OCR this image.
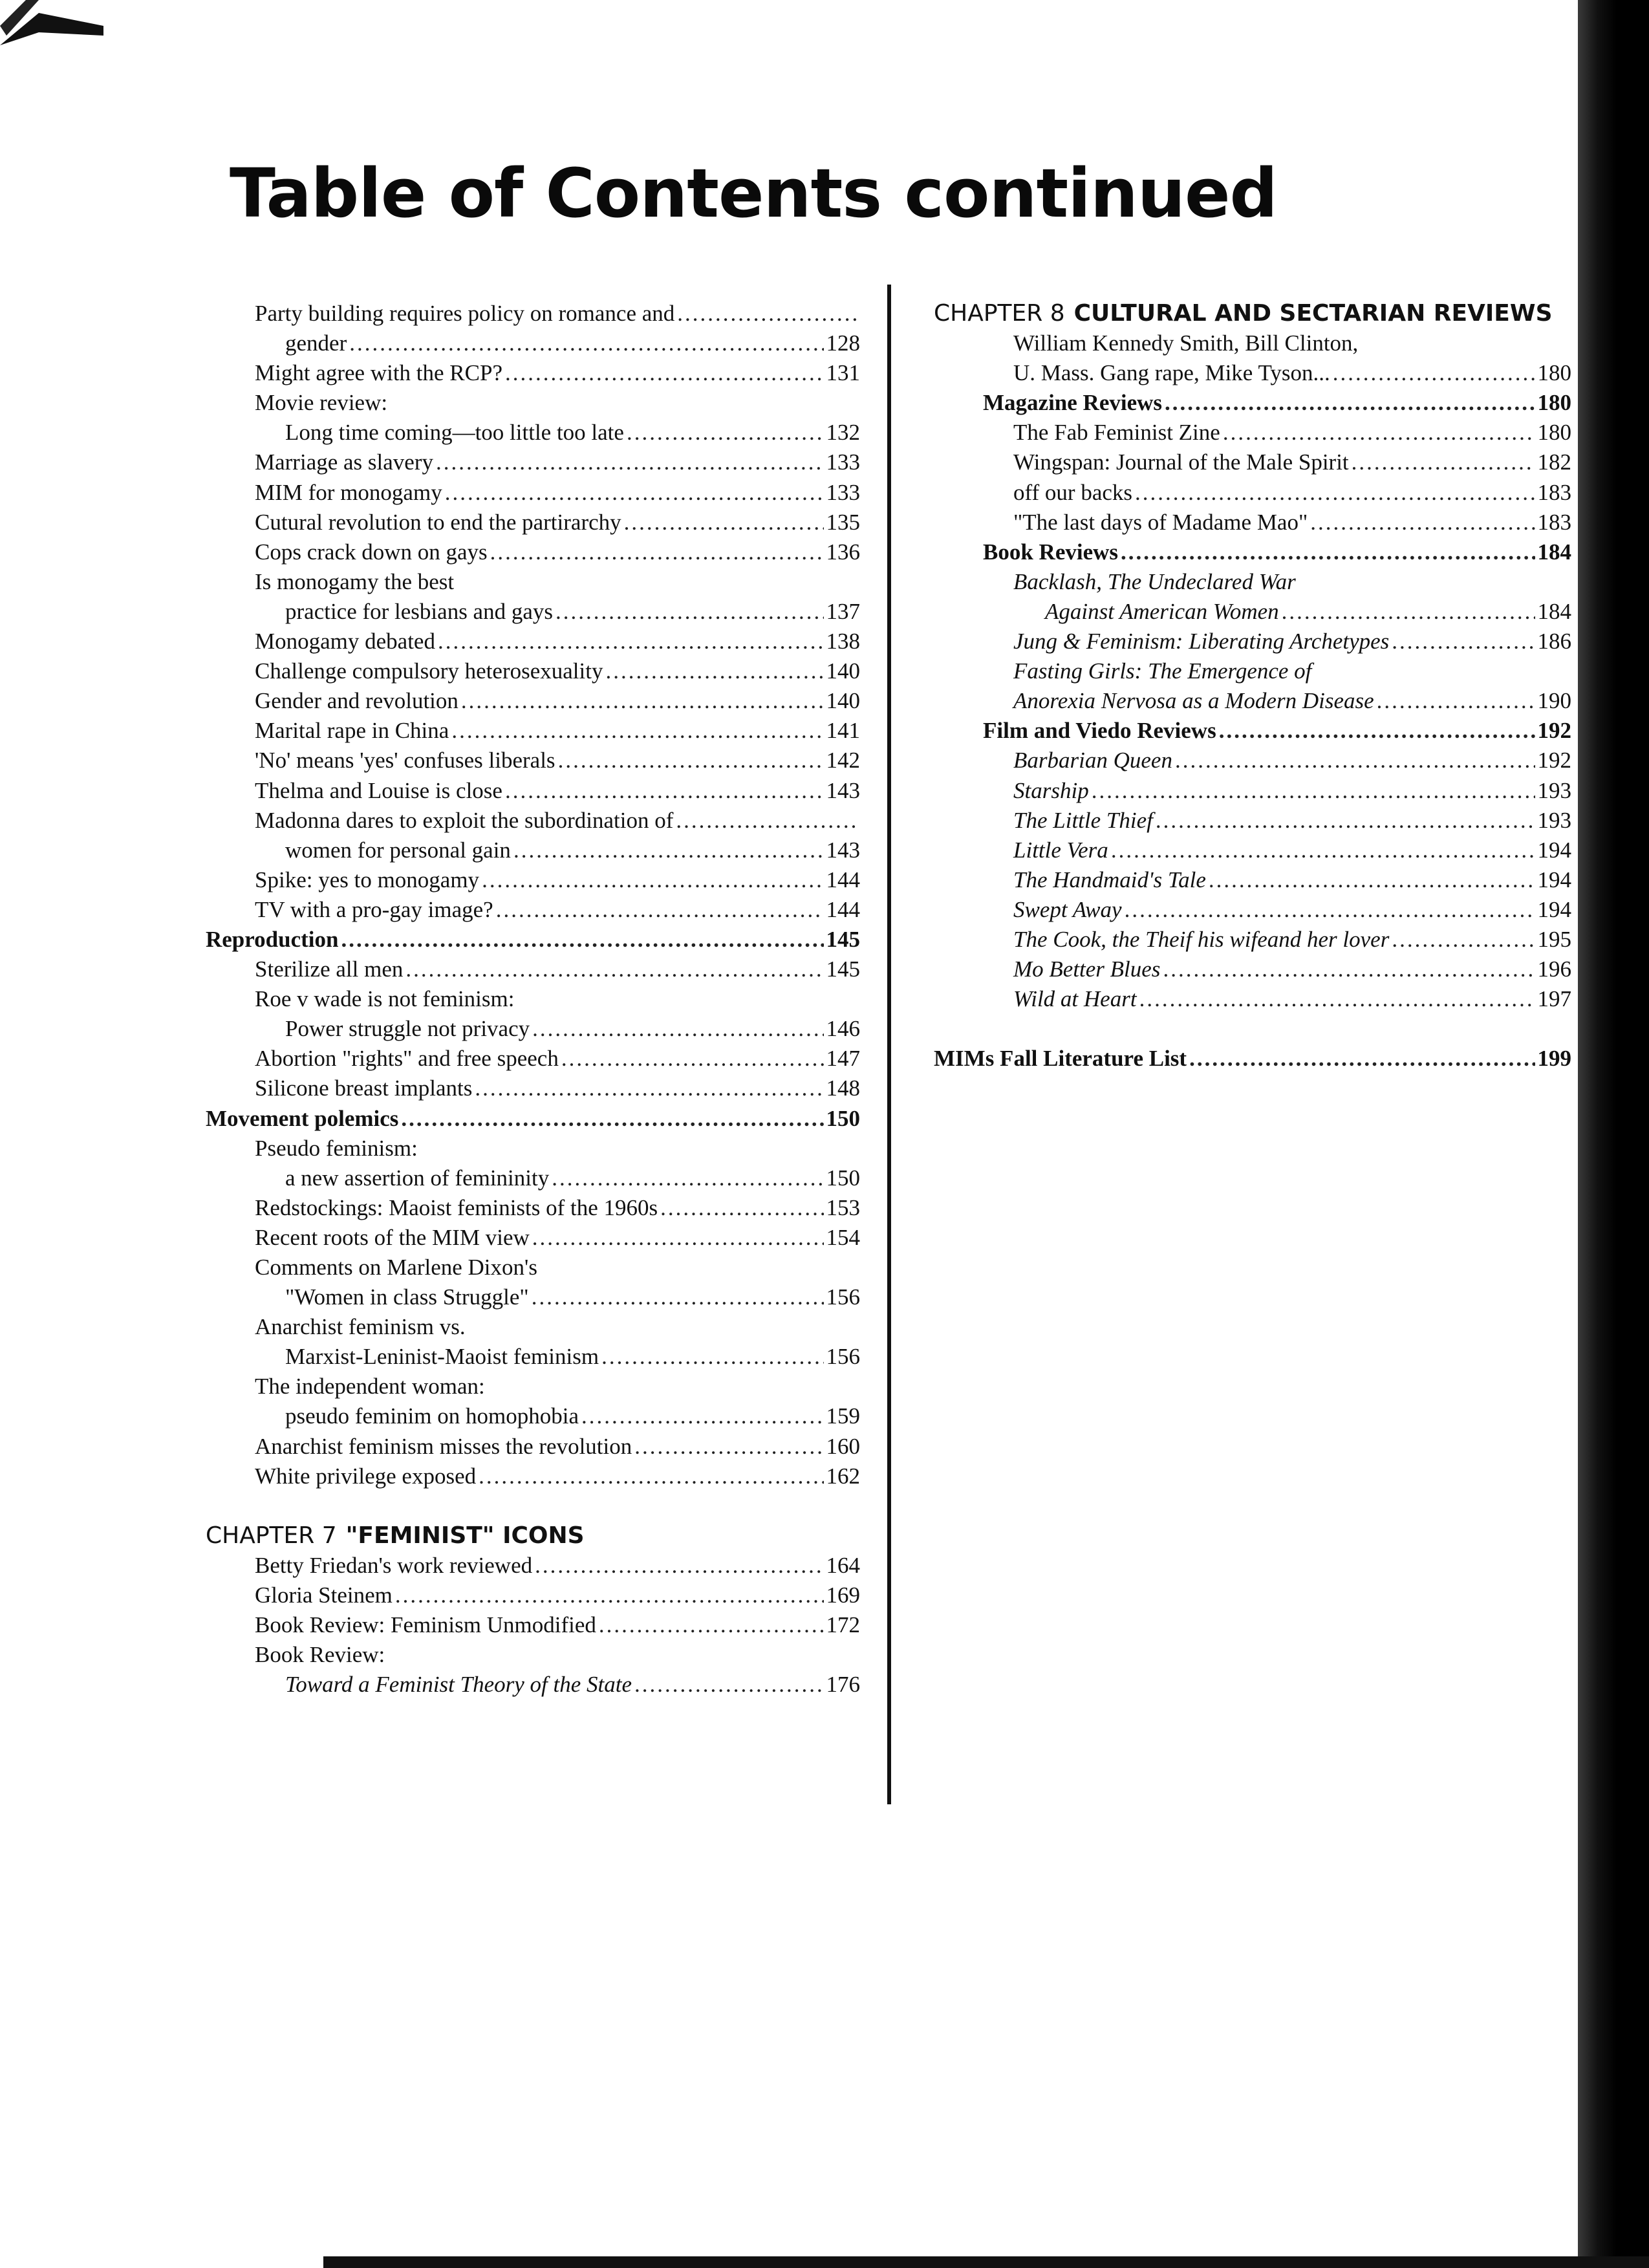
Table of Contents continued
Party building requires policy on romance and
.....
gender .....	128
Might agree with the RCP? .....	131
Movie review:
Long time coming—too little too late .....	132
Marriage as slavery .....	133
MIM for monogamy .....	133
Cutural revolution to end the partirarchy .....	135
Cops crack down on gays .....	136
Is monogamy the best
practice for lesbians and gays .....	137
Monogamy debated .....	138
Challenge compulsory heterosexuality .....	140
Gender and revolution .....	140
Marital rape in China .....	141
'No' means 'yes' confuses liberals .....	142
Thelma and Louise is close .....	143
Madonna dares to exploit the subordination of
.....
women for personal gain .....	143
Spike: yes to monogamy .....	144
TV with a pro-gay image? .....	144
Reproduction .....	145
Sterilize all men .....	145
Roe v wade is not feminism:
Power struggle not privacy .....	146
Abortion "rights" and free speech .....	147
Silicone breast implants .....	148
Movement polemics .....	150
Pseudo feminism:
a new assertion of femininity .....	150
Redstockings: Maoist feminists of the 1960s .....	153
Recent roots of the MIM view .....	154
Comments on Marlene Dixon's
"Women in class Struggle" .....	156
Anarchist feminism vs.
Marxist-Leninist-Maoist feminism .....	156
The independent woman:
pseudo feminim on homophobia .....	159
Anarchist feminism misses the revolution .....	160
White privilege exposed .....	162
CHAPTER 7 "FEMINIST" ICONS
Betty Friedan's work reviewed .....	164
Gloria Steinem .....	169
Book Review: Feminism Unmodified .....	172
Book Review:
Toward a Feminist Theory of the State .....	176
CHAPTER 8 CULTURAL AND SECTARIAN REVIEWS
William Kennedy Smith, Bill Clinton,
U. Mass. Gang rape, Mike Tyson... .....	180
Magazine Reviews .....	180
The Fab Feminist Zine .....	180
Wingspan: Journal of the Male Spirit .....	182
off our backs .....	183
"The last days of Madame Mao" .....	183
Book Reviews .....	184
Backlash, The Undeclared War
Against American Women .....	184
Jung & Feminism: Liberating Archetypes .....	186
Fasting Girls: The Emergence of
Anorexia Nervosa as a Modern Disease .....	190
Film and Viedo Reviews .....	192
Barbarian Queen .....	192
Starship .....	193
The Little Thief .....	193
Little Vera .....	194
The Handmaid's Tale .....	194
Swept Away .....	194
The Cook, the Theif his wifeand her lover .....	195
Mo Better Blues .....	196
Wild at Heart .....	197
MIMs Fall Literature List .....	199
